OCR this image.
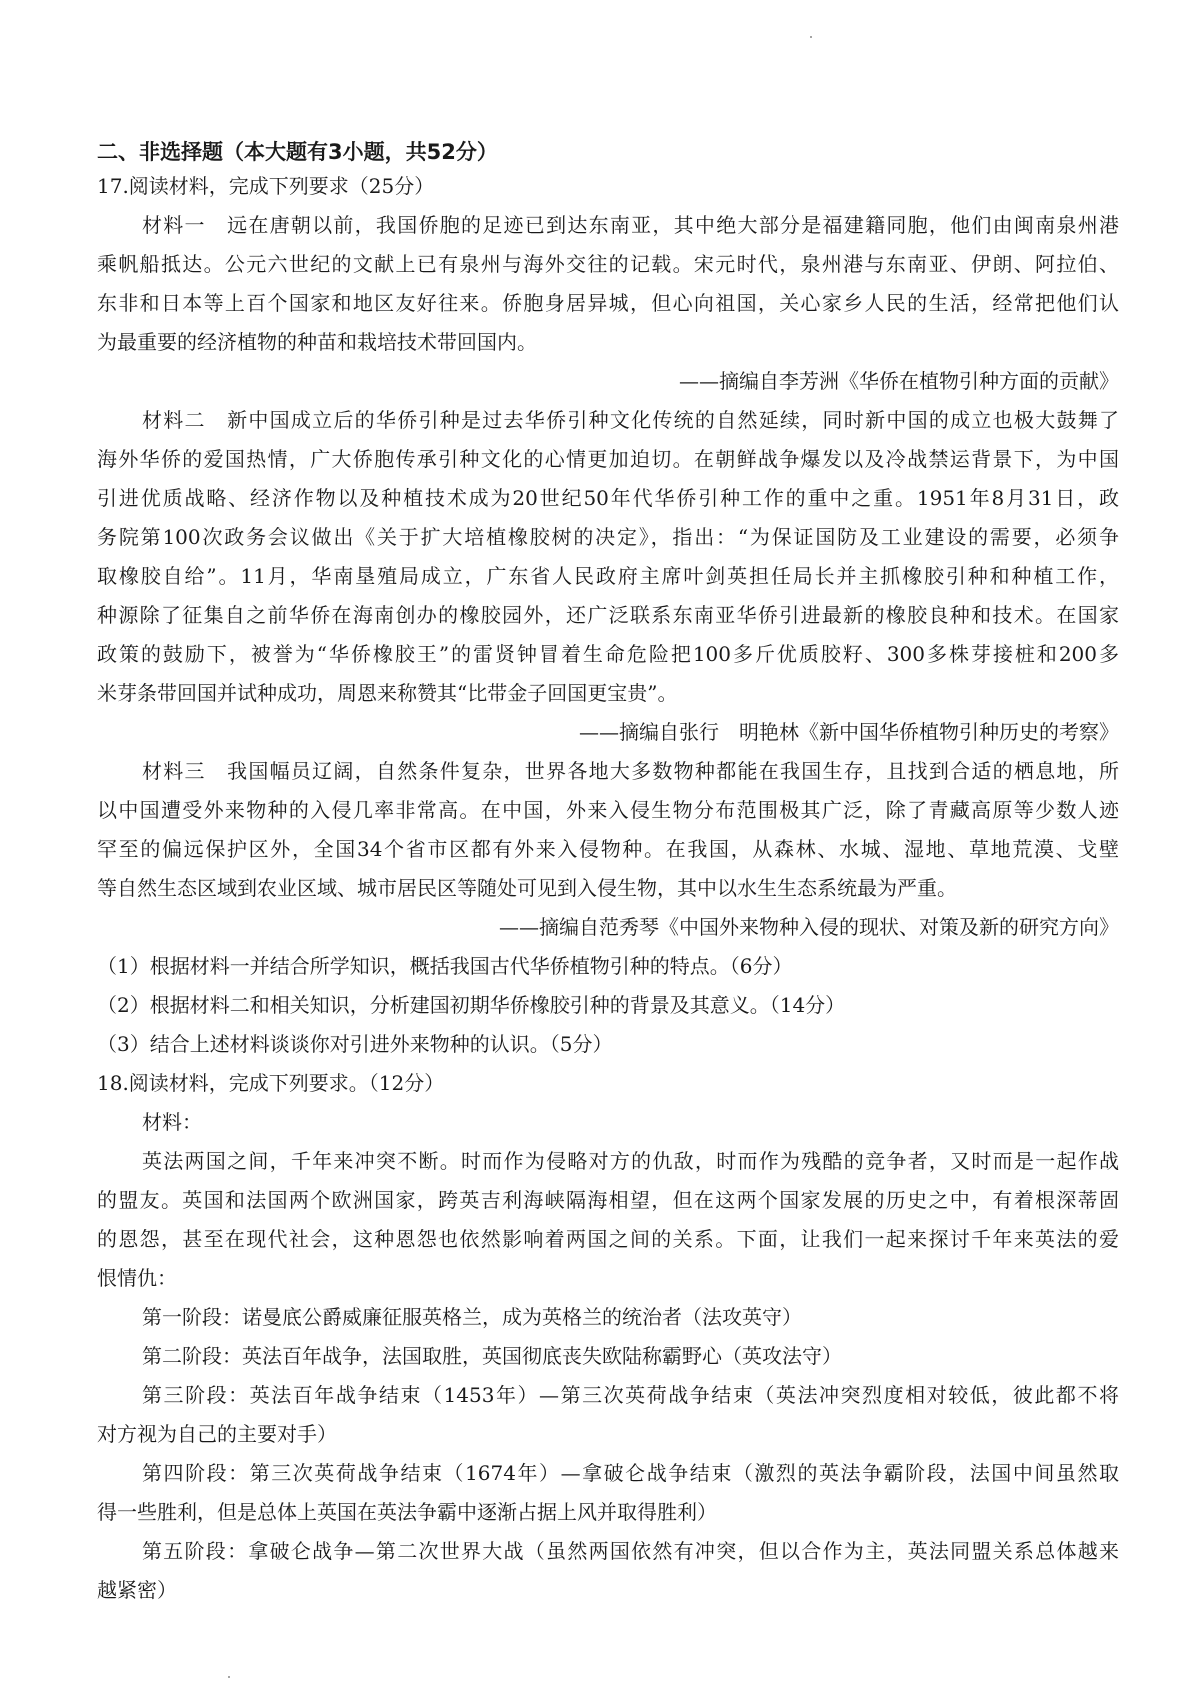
二、非选择题（本大题有3小题，共52分）
17.阅读材料，完成下列要求（25分）
材料一　远在唐朝以前，我国侨胞的足迹已到达东南亚，其中绝大部分是福建籍同胞，他们由闽南泉州港
乘帆船抵达。公元六世纪的文献上已有泉州与海外交往的记载。宋元时代，泉州港与东南亚、伊朗、阿拉伯、
东非和日本等上百个国家和地区友好往来。侨胞身居异城，但心向祖国，关心家乡人民的生活，经常把他们认
为最重要的经济植物的种苗和栽培技术带回国内。
——摘编自李芳洲《华侨在植物引种方面的贡献》
材料二　新中国成立后的华侨引种是过去华侨引种文化传统的自然延续，同时新中国的成立也极大鼓舞了
海外华侨的爱国热情，广大侨胞传承引种文化的心情更加迫切。在朝鲜战争爆发以及冷战禁运背景下，为中国
引进优质战略、经济作物以及种植技术成为20世纪50年代华侨引种工作的重中之重。1951年8月31日，政
务院第100次政务会议做出《关于扩大培植橡胶树的决定》，指出：“为保证国防及工业建设的需要，必须争
取橡胶自给”。11月，华南垦殖局成立，广东省人民政府主席叶剑英担任局长并主抓橡胶引种和种植工作，
种源除了征集自之前华侨在海南创办的橡胶园外，还广泛联系东南亚华侨引进最新的橡胶良种和技术。在国家
政策的鼓励下，被誉为“华侨橡胶王”的雷贤钟冒着生命危险把100多斤优质胶籽、300多株芽接桩和200多
米芽条带回国并试种成功，周恩来称赞其“比带金子回国更宝贵”。
——摘编自张行　明艳林《新中国华侨植物引种历史的考察》
材料三　我国幅员辽阔，自然条件复杂，世界各地大多数物种都能在我国生存，且找到合适的栖息地，所
以中国遭受外来物种的入侵几率非常高。在中国，外来入侵生物分布范围极其广泛，除了青藏高原等少数人迹
罕至的偏远保护区外，全国34个省市区都有外来入侵物种。在我国，从森林、水城、湿地、草地荒漠、戈壁
等自然生态区域到农业区域、城市居民区等随处可见到入侵生物，其中以水生生态系统最为严重。
——摘编自范秀琴《中国外来物种入侵的现状、对策及新的研究方向》
（1）根据材料一并结合所学知识，概括我国古代华侨植物引种的特点。（6分）
（2）根据材料二和相关知识，分析建国初期华侨橡胶引种的背景及其意义。（14分）
（3）结合上述材料谈谈你对引进外来物种的认识。（5分）
18.阅读材料，完成下列要求。（12分）
材料：
英法两国之间，千年来冲突不断。时而作为侵略对方的仇敌，时而作为残酷的竞争者，又时而是一起作战
的盟友。英国和法国两个欧洲国家，跨英吉利海峡隔海相望，但在这两个国家发展的历史之中，有着根深蒂固
的恩怨，甚至在现代社会，这种恩怨也依然影响着两国之间的关系。下面，让我们一起来探讨千年来英法的爱
恨情仇：
第一阶段：诺曼底公爵威廉征服英格兰，成为英格兰的统治者（法攻英守）
第二阶段：英法百年战争，法国取胜，英国彻底丧失欧陆称霸野心（英攻法守）
第三阶段：英法百年战争结束（1453年）—第三次英荷战争结束（英法冲突烈度相对较低，彼此都不将
对方视为自己的主要对手）
第四阶段：第三次英荷战争结束（1674年）—拿破仑战争结束（激烈的英法争霸阶段，法国中间虽然取
得一些胜利，但是总体上英国在英法争霸中逐渐占据上风并取得胜利）
第五阶段：拿破仑战争—第二次世界大战（虽然两国依然有冲突，但以合作为主，英法同盟关系总体越来
越紧密）
